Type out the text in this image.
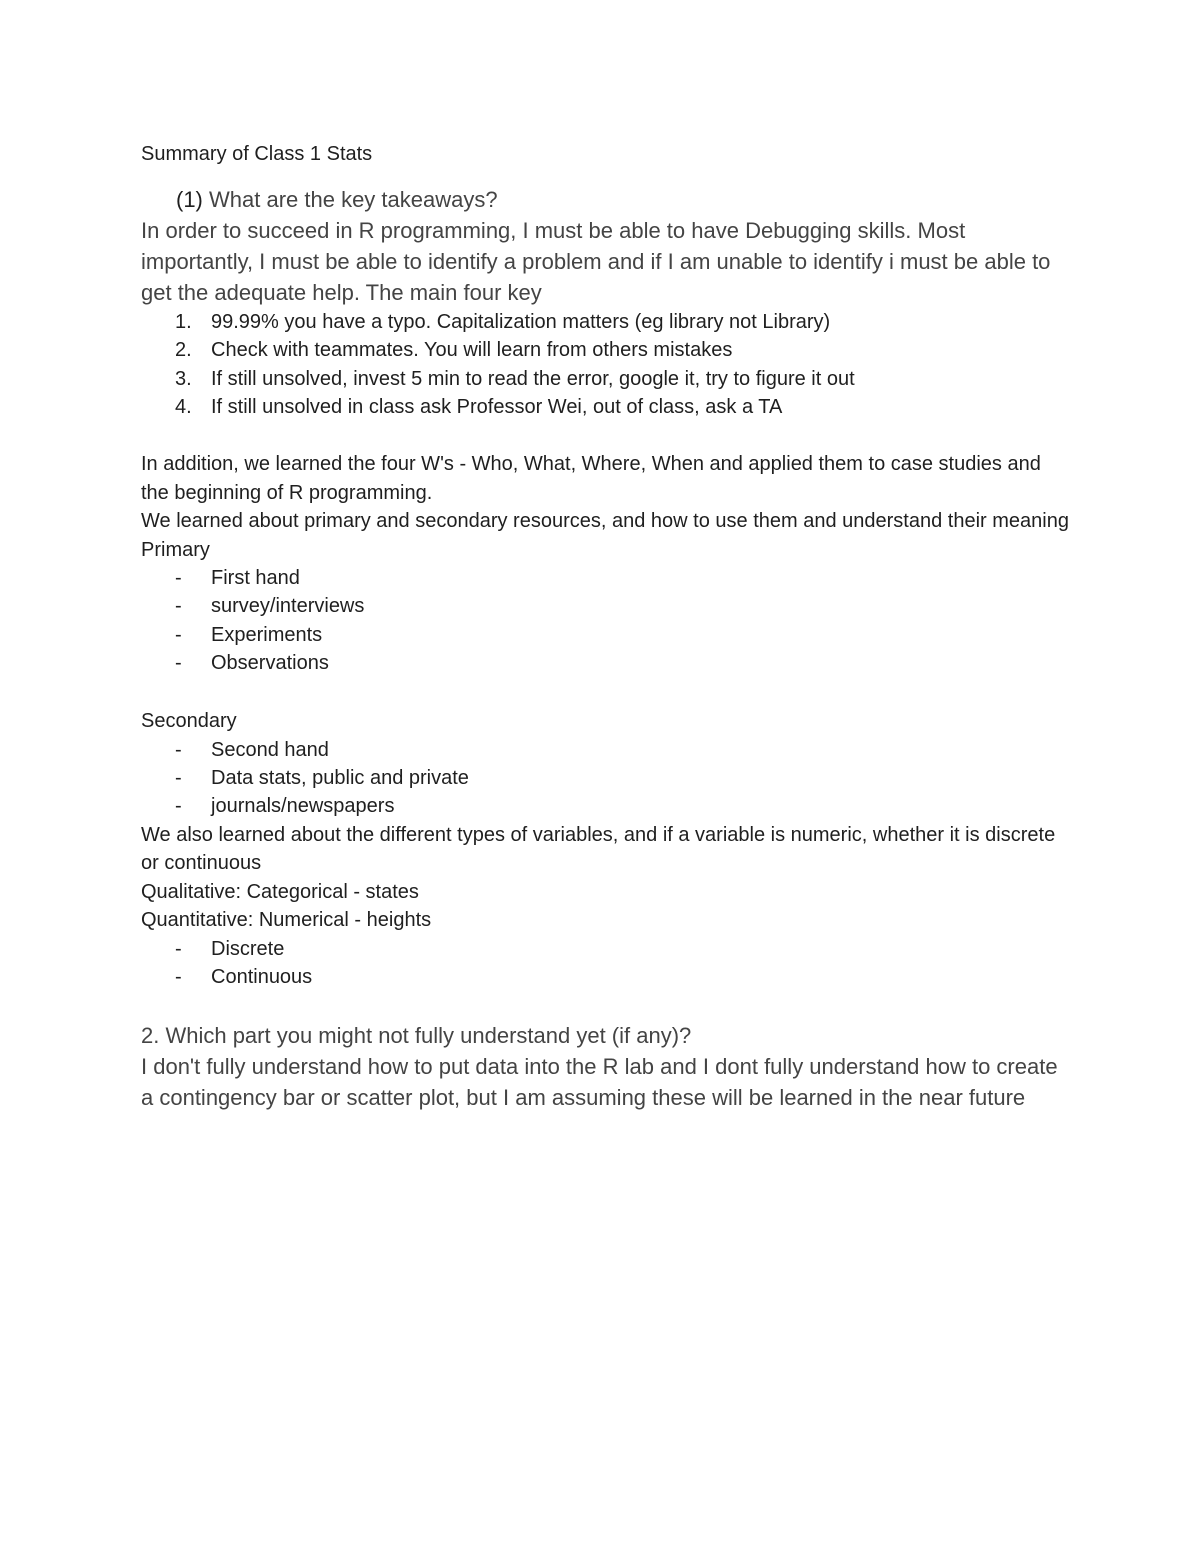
Summary of Class 1 Stats

(1) What are the key takeaways?

In order to succeed in R programming, I must be able to have Debugging skills. Most importantly, I must be able to identify a problem and if I am unable to identify i must be able to get the adequate help. The main four key

1. 99.99% you have a typo. Capitalization matters (eg library not Library)
2. Check with teammates. You will learn from others mistakes
3. If still unsolved, invest 5 min to read the error, google it, try to figure it out
4. If still unsolved in class ask Professor Wei, out of class, ask a TA

In addition, we learned the four W's - Who, What, Where, When and applied them to case studies and the beginning of R programming.

We learned about primary and secondary resources, and how to use them and understand their meaning

Primary

- First hand
- survey/interviews
- Experiments
- Observations

Secondary

- Second hand
- Data stats, public and private
- journals/newspapers

We also learned about the different types of variables, and if a variable is numeric, whether it is discrete or continuous

Qualitative: Categorical - states

Quantitative: Numerical - heights

- Discrete
- Continuous

2. Which part you might not fully understand yet (if any)?

I don't fully understand how to put data into the R lab and I dont fully understand how to create a contingency bar or scatter plot, but I am assuming these will be learned in the near future
